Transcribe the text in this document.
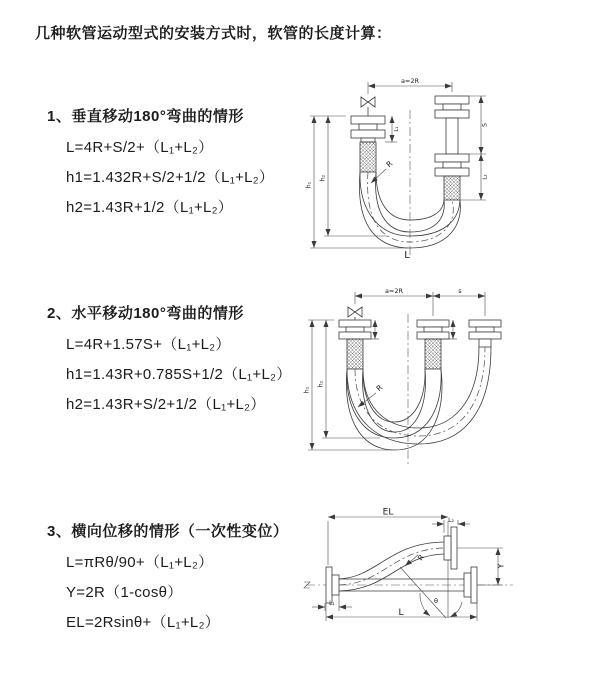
几种软管运动型式的安装方式时，软管的长度计算：
1、垂直移动180°弯曲的情形
L=4R+S/2+（L₁+L₂）
h1=1.432R+S/2+1/2（L₁+L₂）
h2=1.43R+1/2（L₁+L₂）
2、水平移动180°弯曲的情形
L=4R+1.57S+（L₁+L₂）
h1=1.43R+0.785S+1/2（L₁+L₂）
h2=1.43R+S/2+1/2（L₁+L₂）
3、横向位移的情形（一次性变位）
L=πRθ/90+（L₁+L₂）
Y=2R（1-cosθ）
EL=2Rsinθ+（L₁+L₂）
a=2R
L₁
h₁
h₂
S
L₂
R
L
a=2R	s
h₁
h₂	R
EL
L₂
L₁
R
θ
Y
L
